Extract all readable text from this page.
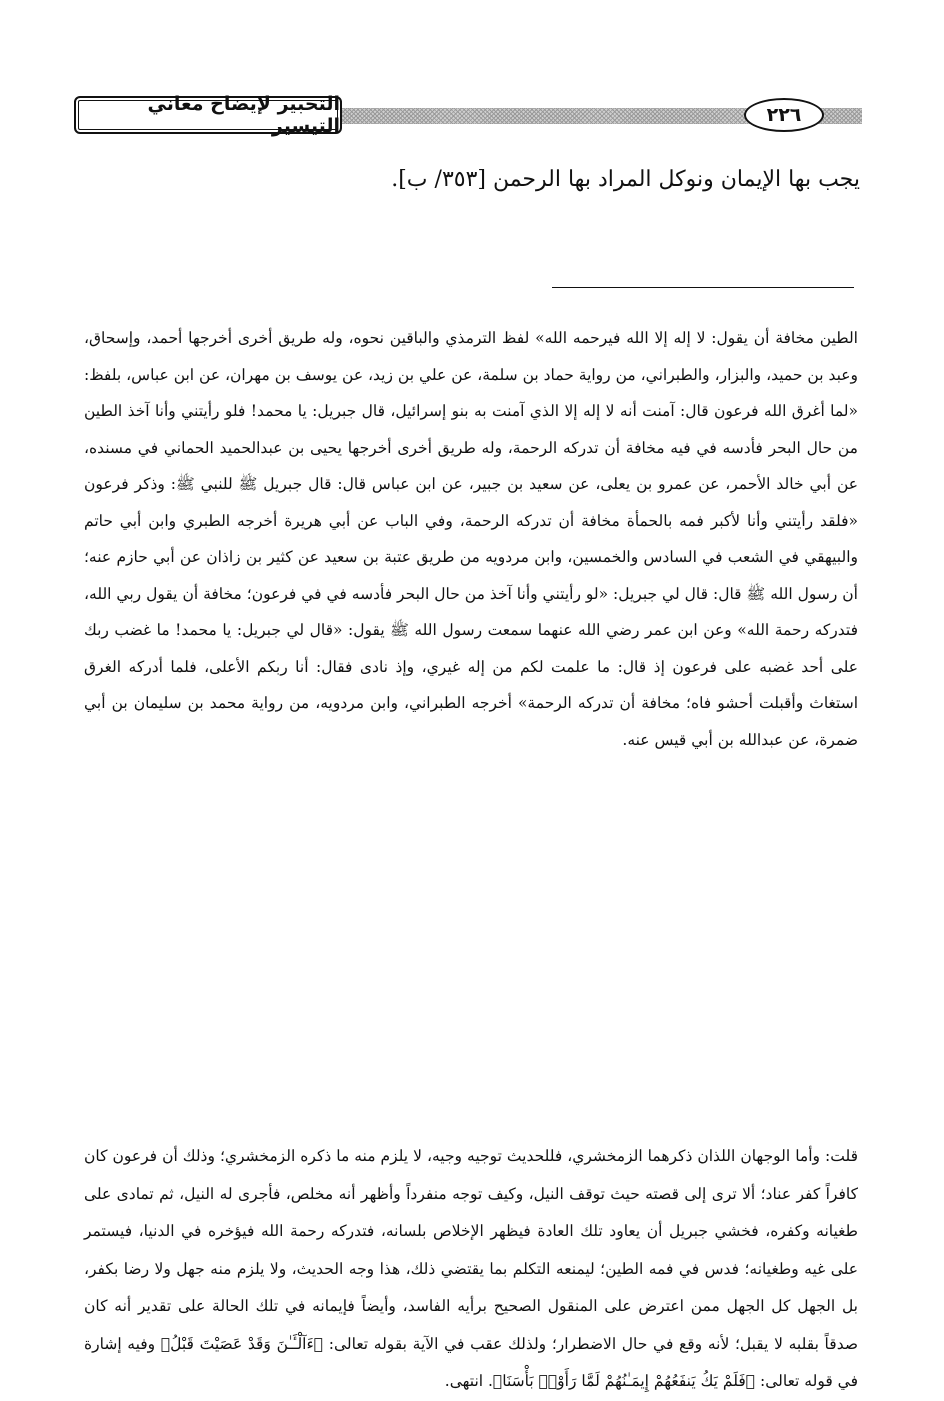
التحبير لإيضاح معاني التيسير	٢٢٦
يجب بها الإيمان ونوكل المراد بها الرحمن [٣٥٣/ ب].

الطين مخافة أن يقول: لا إله إلا الله فيرحمه الله» لفظ الترمذي والباقين نحوه، وله طريق أخرى أخرجها أحمد، وإسحاق، وعبد بن حميد، والبزار، والطبراني، من رواية حماد بن سلمة، عن علي بن زيد، عن يوسف بن مهران، عن ابن عباس، بلفظ: «لما أغرق الله فرعون قال: آمنت أنه لا إله إلا الذي آمنت به بنو إسرائيل، قال جبريل: يا محمد! فلو رأيتني وأنا آخذ الطين من حال البحر فأدسه في فيه مخافة أن تدركه الرحمة، وله طريق أخرى أخرجها يحيى بن عبدالحميد الحماني في مسنده، عن أبي خالد الأحمر، عن عمرو بن يعلى، عن سعيد بن جبير، عن ابن عباس قال: قال جبريل ﷺ للنبي ﷺ: وذكر فرعون «فلقد رأيتني وأنا لأكبر فمه بالحمأة مخافة أن تدركه الرحمة، وفي الباب عن أبي هريرة أخرجه الطبري وابن أبي حاتم والبيهقي في الشعب في السادس والخمسين، وابن مردويه من طريق عتبة بن سعيد عن كثير بن زاذان عن أبي حازم عنه؛ أن رسول الله ﷺ قال: قال لي جبريل: «لو رأيتني وأنا آخذ من حال البحر فأدسه في في فرعون؛ مخافة أن يقول ربي الله، فتدركه رحمة الله» وعن ابن عمر رضي الله عنهما سمعت رسول الله ﷺ يقول: «قال لي جبريل: يا محمد! ما غضب ربك على أحد غضبه على فرعون إذ قال: ما علمت لكم من إله غيري، وإذ نادى فقال: أنا ربكم الأعلى، فلما أدركه الغرق استغاث وأقبلت أحشو فاه؛ مخافة أن تدركه الرحمة» أخرجه الطبراني، وابن مردويه، من رواية محمد بن سليمان بن أبي ضمرة، عن عبدالله بن أبي قيس عنه.

قلت: وأما الوجهان اللذان ذكرهما الزمخشري، فللحديث توجيه وجيه، لا يلزم منه ما ذكره الزمخشري؛ وذلك أن فرعون كان كافراً كفر عناد؛ ألا ترى إلى قصته حيث توقف النيل، وكيف توجه منفرداً وأظهر أنه مخلص، فأجرى له النيل، ثم تمادى على طغيانه وكفره، فخشي جبريل أن يعاود تلك العادة فيظهر الإخلاص بلسانه، فتدركه رحمة الله فيؤخره في الدنيا، فيستمر على غيه وطغيانه؛ فدس في فمه الطين؛ ليمنعه التكلم بما يقتضي ذلك، هذا وجه الحديث، ولا يلزم منه جهل ولا رضا بكفر، بل الجهل كل الجهل ممن اعترض على المنقول الصحيح برأيه الفاسد، وأيضاً فإيمانه في تلك الحالة على تقدير أنه كان صدقاً بقلبه لا يقبل؛ لأنه وقع في حال الاضطرار؛ ولذلك عقب في الآية بقوله تعالى: ﴿ءَآلْـَٔـٰنَ وَقَدْ عَصَيْتَ قَبْلُ﴾ وفيه إشارة في قوله تعالى: ﴿فَلَمْ يَكُ يَنفَعُهُمْ إِيمَـٰنُهُمْ لَمَّا رَأَوْا۟ بَأْسَنَا﴾. انتهى.
